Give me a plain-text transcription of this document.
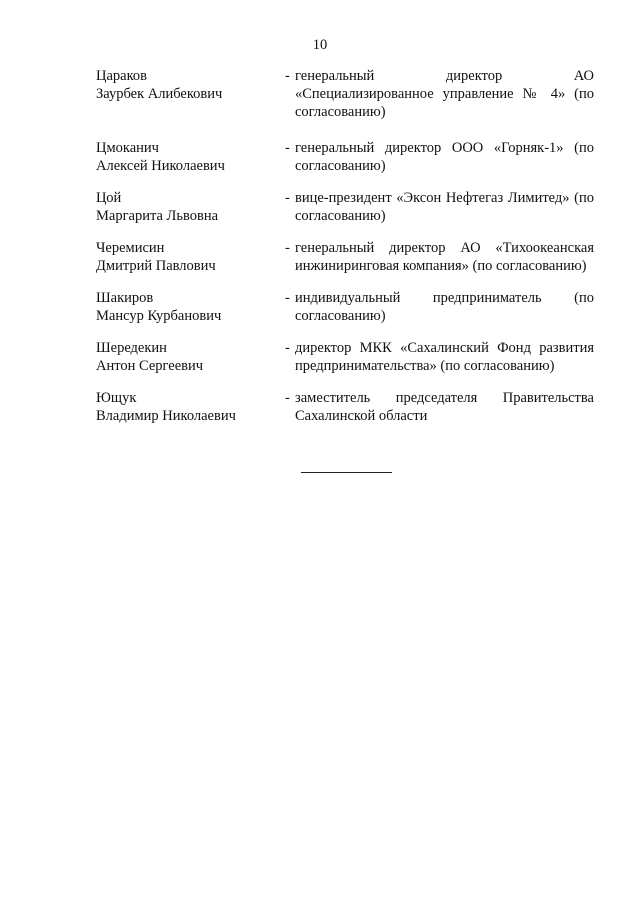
10
Цараков
Заурбек Алибекович
- генеральный директор АО «Специализированное управление № 4» (по согласованию)
Цмоканич
Алексей Николаевич
- генеральный директор ООО «Горняк-1» (по согласованию)
Цой
Маргарита Львовна
- вице-президент «Эксон Нефтегаз Лимитед» (по согласованию)
Черемисин
Дмитрий Павлович
- генеральный директор АО «Тихоокеанская инжиниринговая компания» (по согласованию)
Шакиров
Мансур Курбанович
- индивидуальный предприниматель (по согласованию)
Шередекин
Антон Сергеевич
- директор МКК «Сахалинский Фонд развития предпринимательства» (по согласованию)
Ющук
Владимир Николаевич
- заместитель председателя Правительства Сахалинской области
